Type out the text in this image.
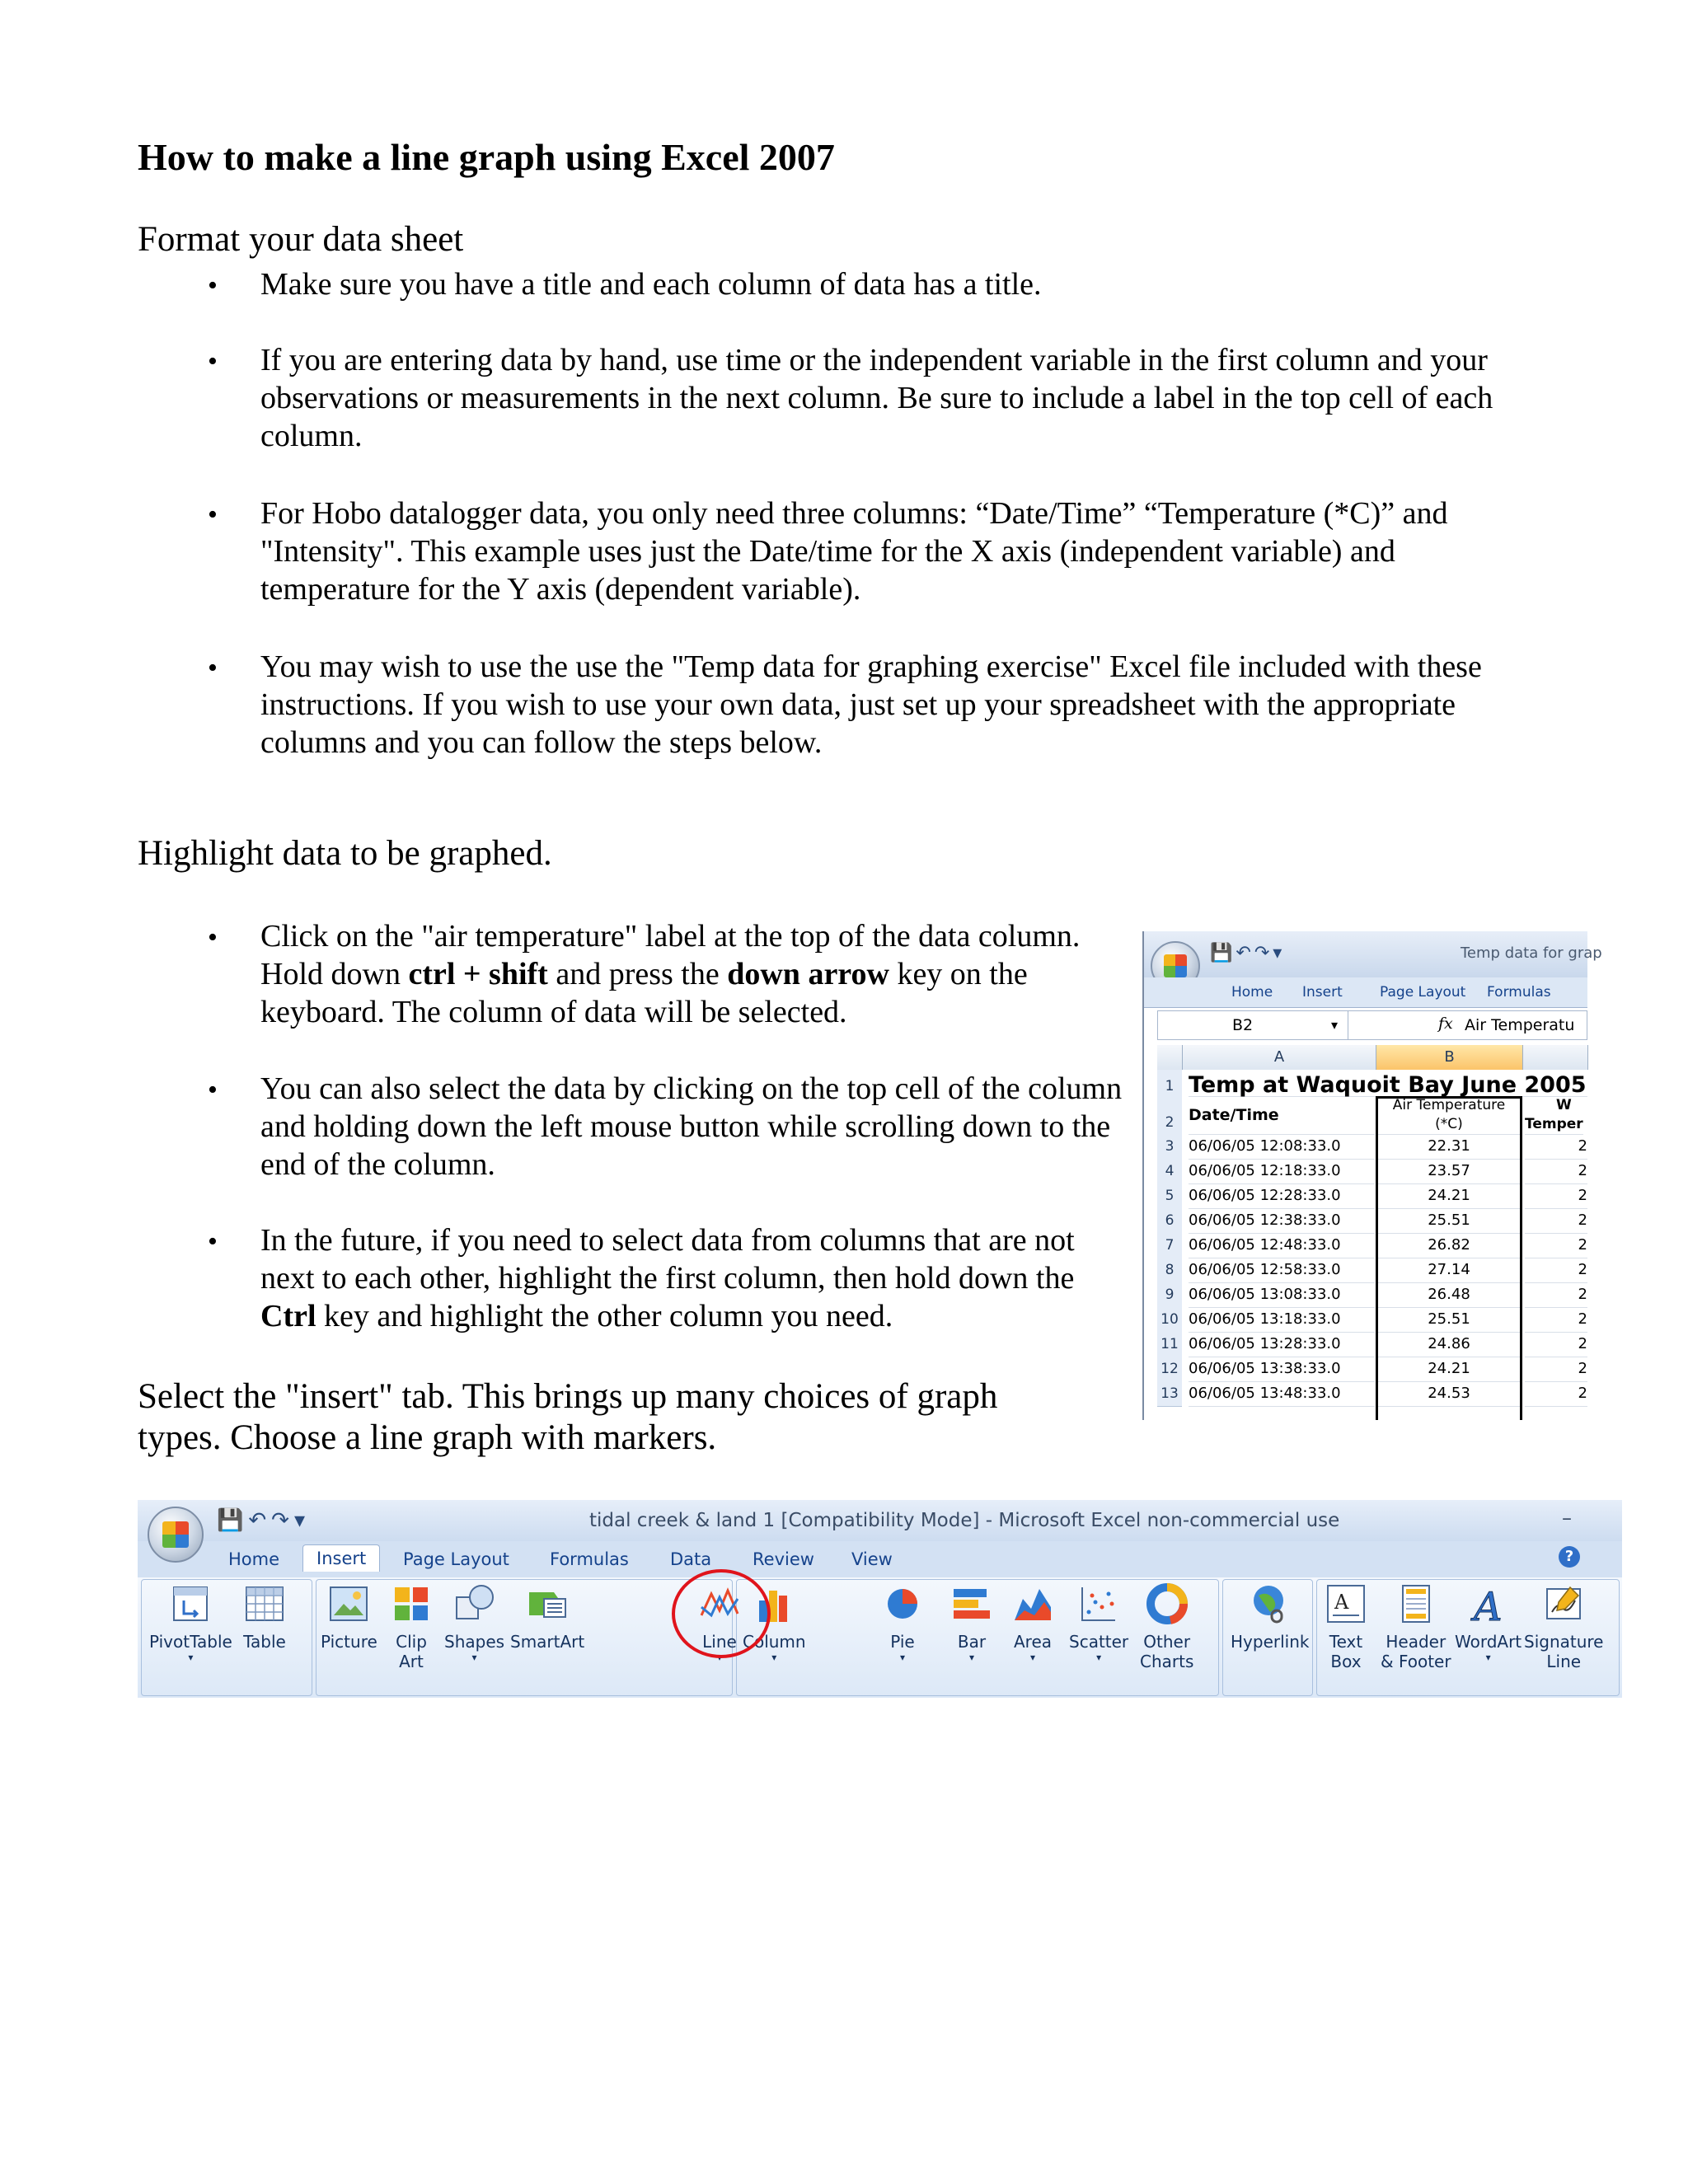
How to make a line graph using Excel 2007
Format your data sheet
•
Make sure you have a title and each column of data has a title.
•
If you are entering data by hand, use time or the independent variable in the first column and your observations or measurements in the next column. Be sure to include a label in the top cell of each column.
•
For Hobo datalogger data, you only need three columns: “Date/Time” “Temperature (*C)” and "Intensity". This example uses just the Date/time for the X axis (independent variable) and temperature for the Y axis (dependent variable).
•
You may wish to use the use the "Temp data for graphing exercise" Excel file included with these instructions. If you wish to use your own data, just set up your spreadsheet with the appropriate columns and you can follow the steps below.
Highlight data to be graphed.
•
Click on the "air temperature" label at the top of the data column. Hold down ctrl + shift and press the down arrow key on the keyboard. The column of data will be selected.
•
You can also select the data by clicking on the top cell of the column and holding down the left mouse button while scrolling down to the end of the column.
•
In the future, if you need to select data from columns that are not next to each other, highlight the first column, then hold down the Ctrl key and highlight the other column you need.

Select the "insert" tab. This brings up many choices of graph types. Choose a line graph with markers.

💾↶↷▾	Temp data for grap
Home Insert	Page Layout Formulas
B2 ▾	fx Air Temperatu
A	B
1 Temp at Waquoit Bay June 2005
2 Date/Time
Air Temperature
(*C)
W
Temper
3 06/06/05 12:08:33.0	22.31	2
4 06/06/05 12:18:33.0	23.57	2
5 06/06/05 12:28:33.0	24.21	2
6 06/06/05 12:38:33.0	25.51	2
7 06/06/05 12:48:33.0	26.82	2
8 06/06/05 12:58:33.0	27.14	2
9 06/06/05 13:08:33.0	26.48	2
10 06/06/05 13:18:33.0	25.51	2
11 06/06/05 13:28:33.0	24.86	2
12 06/06/05 13:38:33.0	24.21	2
13 06/06/05 13:48:33.0	24.53	2
💾↶↷▾	tidal creek & land 1 [Compatibility Mode] - Microsoft Excel non-commercial use	–
Home	Insert	Page Layout Formulas Data Review View	?
PivotTable
▾
Table Picture	Clip
Art
Shapes
▾
SmartArt	Column
▾
Line
▾
Pie
▾
Bar
▾
Area
▾
Scatter
▾
Other
Charts
Hyperlink
A
Text
Box
Header
& Footer
A
WordArt
▾
Signature
Line
